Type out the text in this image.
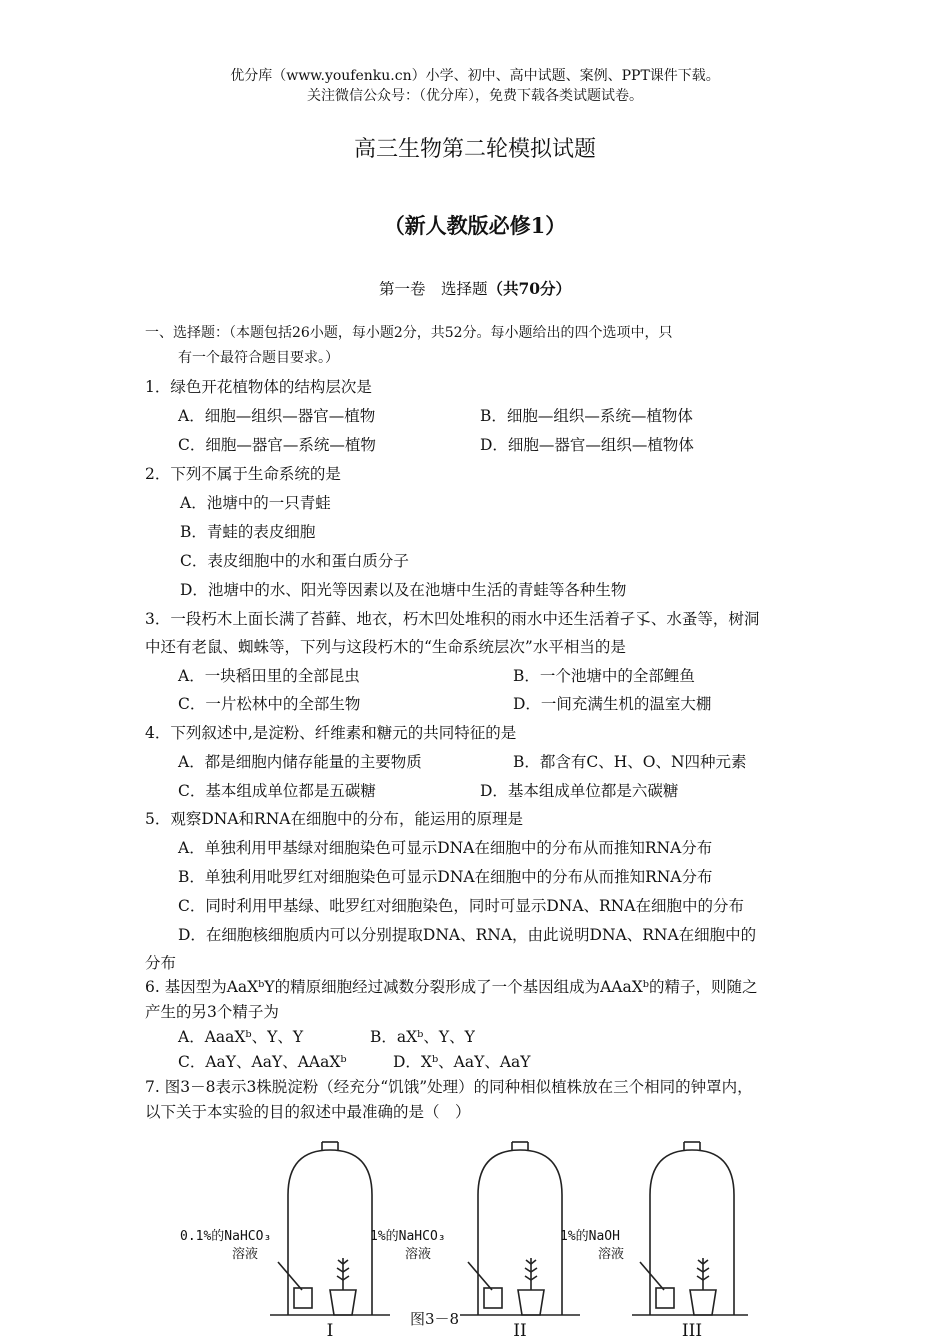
优分库（www.youfenku.cn）小学、初中、高中试题、案例、PPT课件下载。
关注微信公众号：（优分库），免费下载各类试题试卷。
高三生物第二轮模拟试题
（新人教版必修1）
第一卷　选择题（共70分）
一、选择题：（本题包括26小题，每小题2分，共52分。每小题给出的四个选项中，只
有一个最符合题目要求。）
1．绿色开花植物体的结构层次是
A．细胞—组织—器官—植物	B．细胞—组织—系统—植物体
C．细胞—器官—系统—植物	D．细胞—器官—组织—植物体
2．下列不属于生命系统的是
A．池塘中的一只青蛙
B．青蛙的表皮细胞
C．表皮细胞中的水和蛋白质分子
D．池塘中的水、阳光等因素以及在池塘中生活的青蛙等各种生物
3．一段朽木上面长满了苔藓、地衣，朽木凹处堆积的雨水中还生活着孑孓、水蚤等，树洞
中还有老鼠、蜘蛛等，下列与这段朽木的“生命系统层次”水平相当的是
A．一块稻田里的全部昆虫	B．一个池塘中的全部鲤鱼
C．一片松林中的全部生物	D．一间充满生机的温室大棚
4．下列叙述中,是淀粉、纤维素和糖元的共同特征的是
A．都是细胞内储存能量的主要物质	B．都含有C、H、O、N四种元素
C．基本组成单位都是五碳糖	D．基本组成单位都是六碳糖
5．观察DNA和RNA在细胞中的分布，能运用的原理是
A．单独利用甲基绿对细胞染色可显示DNA在细胞中的分布从而推知RNA分布
B．单独利用吡罗红对细胞染色可显示DNA在细胞中的分布从而推知RNA分布
C．同时利用甲基绿、吡罗红对细胞染色，同时可显示DNA、RNA在细胞中的分布
D．在细胞核细胞质内可以分别提取DNA、RNA，由此说明DNA、RNA在细胞中的
分布
6. 基因型为AaXᵇY的精原细胞经过减数分裂形成了一个基因组成为AAaXᵇ的精子，则随之
产生的另3个精子为
A．AaaXᵇ、Y、Y	B．aXᵇ、Y、Y
C．AaY、AaY、AAaXᵇ	D．Xᵇ、AaY、AaY
7. 图3－8表示3株脱淀粉（经充分“饥饿”处理）的同种相似植株放在三个相同的钟罩内，
以下关于本实验的目的叙述中最准确的是（　）
0.1%的NaHCO₃
溶液
1%的NaHCO₃
溶液
1%的NaOH
溶液
I	II	III
图3－8
